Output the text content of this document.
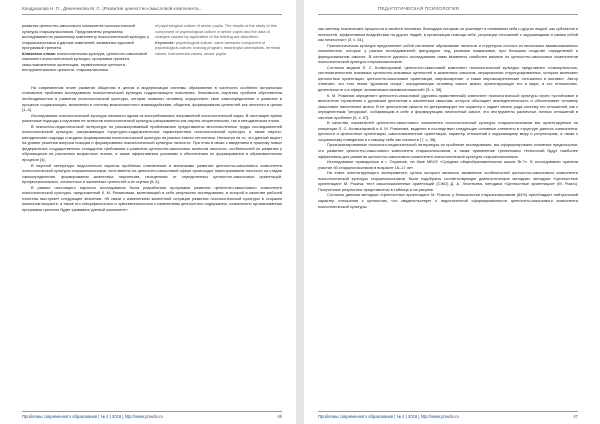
Кондрашова Н. П., Демченкова М. С. |Развитие ценностно-смысловой компонента...

развития ценностно-смыслового компонента психологической культуры старшеклассников. Представлены результаты исследования по указанному компоненту психологической культуры у старшеклассников и данные изменений, вызванных курсовой программой тренинга.

Ключевые слова: психологическая культура, ценностно-смысловой компонент психологической культуры, программа тренинга, смысложизненные ориентации, терминальные ценности, инструментальные ценности, старшеклассники.

of psychological culture of senior pupils. The results of the study of this component of psychological culture in senior pupils and the data of changes caused by application of the training are described.

Keywords: psychological culture, value-semantic component of psychological culture, training program, meaningful orientations, terminal values, instrumental values, senior pupils.

На современном этапе развития общества в целом и модернизации системы образования в частности особенно актуальным становится проблема исследования психологической культуры подрастающего поколения. Значимость изучения проблем обусловлена необходимостью в развитии психологической культуры, которая позволит человеку осуществить свое самоопределение и развитие в процессе социализации, включении в систему межличностного взаимодействия, общения, формирования ценностей как личности в целом [1–3].

Исследования психологической культуры являются одним из востребованных направлений психологической науки. В настоящее время различные подходы к изучению ее аспектов психологической культуры раскрываются как научно-теоретическом, так и методическом плане.

В психолого-педагогической литературе по рассматриваемой проблематике представлены многочисленные труды исследователей психологической культуры, раскрывающих структурно-содержательные характеристики психологической культуры, а также научно-методические подходы и модели формирования психологической культуры на разных этапах онтогенеза. Несмотря на то, что данный акцент на уровне решения вопроса позиции и формирования психологической культуры личности. При этом в связи с введением в практику новых федеральных государственных стандартов требования к развитию ценностно-смысловых аспектов личности, особенностей их развития у обучающихся на различных возрастных этапах, а также эффективным условиям и обеспечению их формирования в образовательном процессе [4].

В научной литературе недостаточно изучены проблемы становления и механизмы развития ценностно-смыслового компонента психологической культуры старшеклассников, хотя именно на ценностно-смысловой сфере происходит перестраивание личности на стадии самоопределения, формирования жизненных перспектив, неотделимы от определенных ценностно-смысловых ориентаций, профессиональных, личностных и жизненных ценностей и их оценки [5; 6].

В рамках настоящего научного исследования была разработана программа развития ценностно-смыслового компонента психологической культуры, предложенной К. М. Романовым, включающей в себя результаты исследования, в которой в качестве рабочей гипотезы выступает следующие значения: «В связи с изменением жизненной ситуации развития психологической культуры в старшем школьном возрасте, а также его специфичностью и чувствительностью к изменениям ценностного содержания, сознательно организованная программа тренинга будет развивать данный компонент».

Проблемы современного образования | № 4 | 2018 | http://www.pmedu.ru	46
ПЕДАГОГИЧЕСКАЯ ПСИХОЛОГИЯ

как систему психических процессов и свойств человека, благодаря которым он участвует в понимании себя и других людей, как субъектов и личностей, эффективном воздействии на других людей, в организации помощи себе, регуляции отношений с окружающими и самим собой как личностью» [3, с. 81].

Психологическая культура представляет собой системное образование личности и структурно состоит из нескольких взаимосвязанных компонентов, которые у разных исследователей фигурируют под разными названиями, при большом сходстве определений и функциональном смысле. В контексте данного исследования нами выявлены наиболее важные из ценностно-смысловых компонентов психологической культуры старшеклассников.

Согласно модели Л. С. Колмогоровой, ценностно-смысловой компонент психологической культуры представлен «совокупностью, систематичностью значимых ценностно-значимых ценностей и жизненных смыслов, иерархически структурированных, которые включают ценностные ориентации, ценностно-смысловые ориентации, мировоззрение, а также мировоззренческие отношения и мотивы». Автор отмечает, что «это некая “духовная опора”, определяющая человеку смысл жизни, ориентирующую его в мире, в его отношениях, деятельности и в сфере человеческих взаимоотношений» [5, с. 38].

К. М. Романов определяет ценностно-смысловой (духовно-нравственный) компонент психологической культуры через «устойчивое и вечностное стремление к духовным ценностям и жизненным смыслам, которое обогащает жизнедеятельность и обеспечивает человеку смысловое наполнение жизни. В ее ценностном смысле ее детерминирует его характер и задает своего рода систему его отношений, как к определенным “ресурсам”, собирающим в себе и формирующим личностный смысл, его инструменты различных личных отношений в системе проблем» [6, с. 67].

В качестве показателей ценностно-смыслового компонента психологической культуры старшеклассников мы ориентируемся на концепции Л. С. Колмогоровой и К. М. Романова, выделяя в последствии следующие основные элементы в структуре данного компонента: ценности и ценностные ориентации, смысложизненные ориентации, характер отношений к окружающему миру и регуляторам, а также к социальному поведению и к самому себе как личности [7, с. 36].

Проанализированные психолого-педагогической литературы по проблеме исследования, мы сформулировали основные предпосылки, что развитие ценностно-смыслового компонента старшеклассников, а также применение тренинговых технологий будут наиболее эффективны для развития ценностно-смыслового компонента психологической культуры старшеклассников.

Исследование проводилось в г. Саранске, на базе МБОУ «Средняя общеобразовательная школа №7». В исследовании приняли участие 50 старшеклассников в возрасте 16–17 лет.

На этапе констатирующего эксперимента, целью которого являлось выявление особенностей ценностно-смыслового компонента психологической культуры старшеклассников, были подобраны соответствующие диагностические методики: методика «Ценностные ориентации» М. Рокича, тест смысложизненных ориентаций (СЖО) Д. А. Леонтьева, методика «Ценностные ориентации» (М. Рокич). Полученные результаты представлены в таблице и на рисунке.

Согласно данным методики «Ценностные ориентации» М. Рокича, у большинства старшеклассников (84%) преобладает нейтральный характер отношения к ценностям, что свидетельствует о недостаточной сформированности ценностно-смыслового компонента психологической культуры.

Проблемы современного образования | № 4 | 2018 | http://www.pmedu.ru	47
